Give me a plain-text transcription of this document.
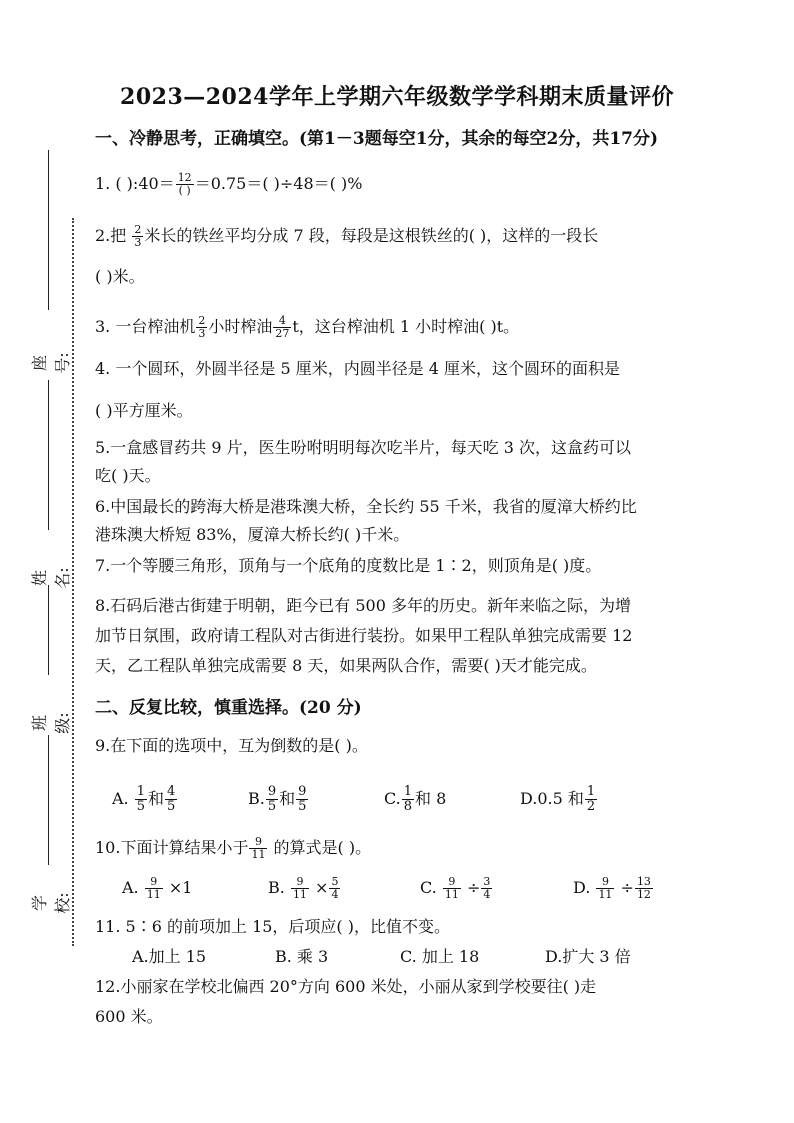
2023—2024学年上学期六年级数学学科期末质量评价
座号:
姓名:
班级:
学校:
一、冷静思考，正确填空。(第1－3题每空1分，其余的每空2分，共17分)
1. ( ):40＝ $\frac{12}{( )} =0.75=$( )÷48＝( )%
2.把 $\frac{2}{3}$ 米长的铁丝平均分成 7 段，每段是这根铁丝的( )，这样的一段长
( )米。
3. 一台榨油机 $\frac{2}{3}$ 小时榨油 $\frac{4}{27}$ t，这台榨油机 1 小时榨油( )t。
4. 一个圆环，外圆半径是 5 厘米，内圆半径是 4 厘米，这个圆环的面积是
( )平方厘米。
5.一盒感冒药共 9 片，医生吩咐明明每次吃半片，每天吃 3 次，这盒药可以
吃( )天。
6.中国最长的跨海大桥是港珠澳大桥，全长约 55 千米，我省的厦漳大桥约比
港珠澳大桥短 83%，厦漳大桥长约( )千米。
7.一个等腰三角形，顶角与一个底角的度数比是 1∶2，则顶角是( )度。
8.石码后港古街建于明朝，距今已有 500 多年的历史。新年来临之际，为增
加节日氛围，政府请工程队对古街进行装扮。如果甲工程队单独完成需要 12
天，乙工程队单独完成需要 8 天，如果两队合作，需要( )天才能完成。
二、反复比较，慎重选择。(20 分)
9.在下面的选项中，互为倒数的是( )。
A. $\frac{1}{5}$ 和 $\frac{4}{5}$	B. $\frac{9}{5}$ 和 $\frac{9}{5}$	C. $\frac{1}{8}$ 和 8	D.0.5 和 $\frac{1}{2}$
10.下面计算结果小于 $\frac{9}{11}$ 的算式是( )。
A. $\frac{9}{11} \times 1$	B. $\frac{9}{11} \times \frac{5}{4}$	C. $\frac{9}{11} \div \frac{3}{4}$	D. $\frac{9}{11} \div \frac{13}{12}$
11. 5∶6 的前项加上 15，后项应( )，比值不变。
A.加上 15	B. 乘 3	C. 加上 18	D.扩大 3 倍
12.小丽家在学校北偏西 20°方向 600 米处，小丽从家到学校要往( )走
600 米。
